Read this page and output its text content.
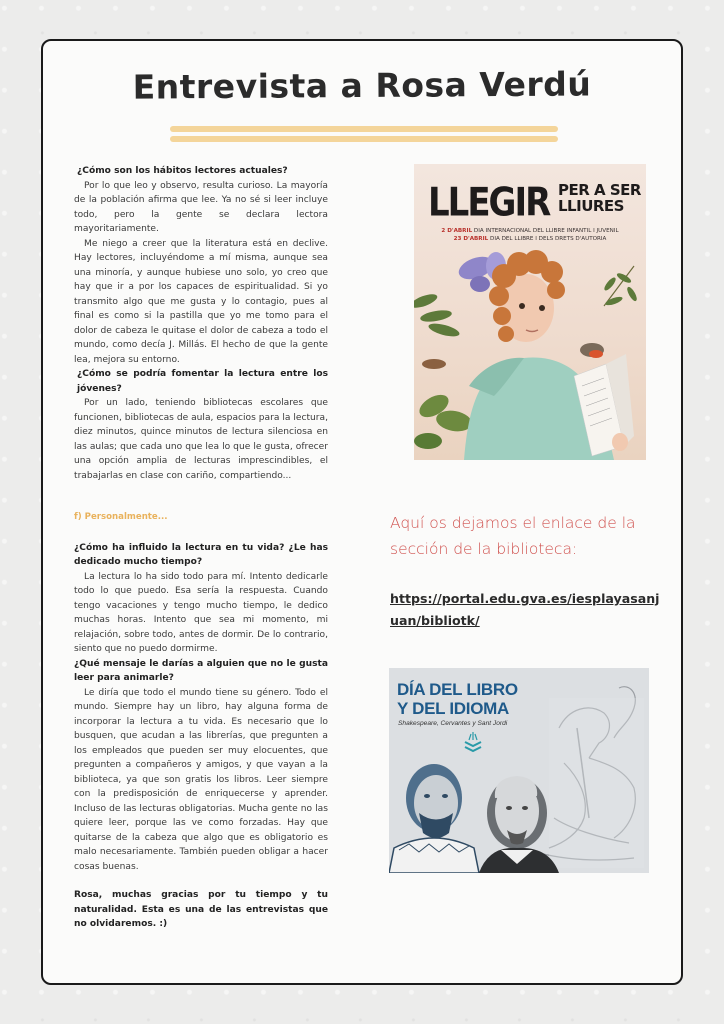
Entrevista a Rosa Verdú

¿Cómo son los hábitos lectores actuales?

Por lo que leo y observo, resulta curioso. La mayoría de la población afirma que lee. Ya no sé si leer incluye todo, pero la gente se declara lectora mayoritariamente.

Me niego a creer que la literatura está en declive. Hay lectores, incluyéndome a mí misma, aunque sea una minoría, y aunque hubiese uno solo, yo creo que hay que ir a por los capaces de espiritualidad. Si yo transmito algo que me gusta y lo contagio, pues al final es como si la pastilla que yo me tomo para el dolor de cabeza le quitase el dolor de cabeza a todo el mundo, como decía J. Millás. El hecho de que la gente lea, mejora su entorno.

¿Cómo se podría fomentar la lectura entre los jóvenes?

Por un lado, teniendo bibliotecas escolares que funcionen, bibliotecas de aula, espacios para la lectura, diez minutos, quince minutos de lectura silenciosa en las aulas; que cada uno que lea lo que le gusta, ofrecer una opción amplia de lecturas imprescindibles, el trabajarlas en clase con cariño, compartiendo...

f) Personalmente...

¿Cómo ha influido la lectura en tu vida? ¿Le has dedicado mucho tiempo?

La lectura lo ha sido todo para mí. Intento dedicarle todo lo que puedo. Esa sería la respuesta. Cuando tengo vacaciones y tengo mucho tiempo, le dedico muchas horas. Intento que sea mi momento, mi relajación, sobre todo, antes de dormir. De lo contrario, siento que no puedo dormirme.

¿Qué mensaje le darías a alguien que no le gusta leer para animarle?

Le diría que todo el mundo tiene su género. Todo el mundo. Siempre hay un libro, hay alguna forma de incorporar la lectura a tu vida. Es necesario que lo busquen, que acudan a las librerías, que pregunten a los empleados que pueden ser muy elocuentes, que pregunten a compañeros y amigos, y que vayan a la biblioteca, ya que son gratis los libros. Leer siempre con la predisposición de enriquecerse y aprender. Incluso de las lecturas obligatorias. Mucha gente no las quiere leer, porque las ve como forzadas. Hay que quitarse de la cabeza que algo que es obligatorio es malo necesariamente. También pueden obligar a hacer cosas buenas.

Rosa, muchas gracias por tu tiempo y tu naturalidad. Esta es una de las entrevistas que no olvidaremos. :)

LLEGIR PER A SER
LLIURES
2 D'ABRIL DIA INTERNACIONAL DEL LLIBRE INFANTIL I JUVENIL
23 D'ABRIL DIA DEL LLIBRE I DELS DRETS D'AUTORIA

Aquí os dejamos el enlace de la sección de la biblioteca:

https://portal.edu.gva.es/iesplayasanjuan/bibliotk/
DÍA DEL LIBRO
Y DEL IDIOMA
Shakespeare, Cervantes y Sant Jordi
